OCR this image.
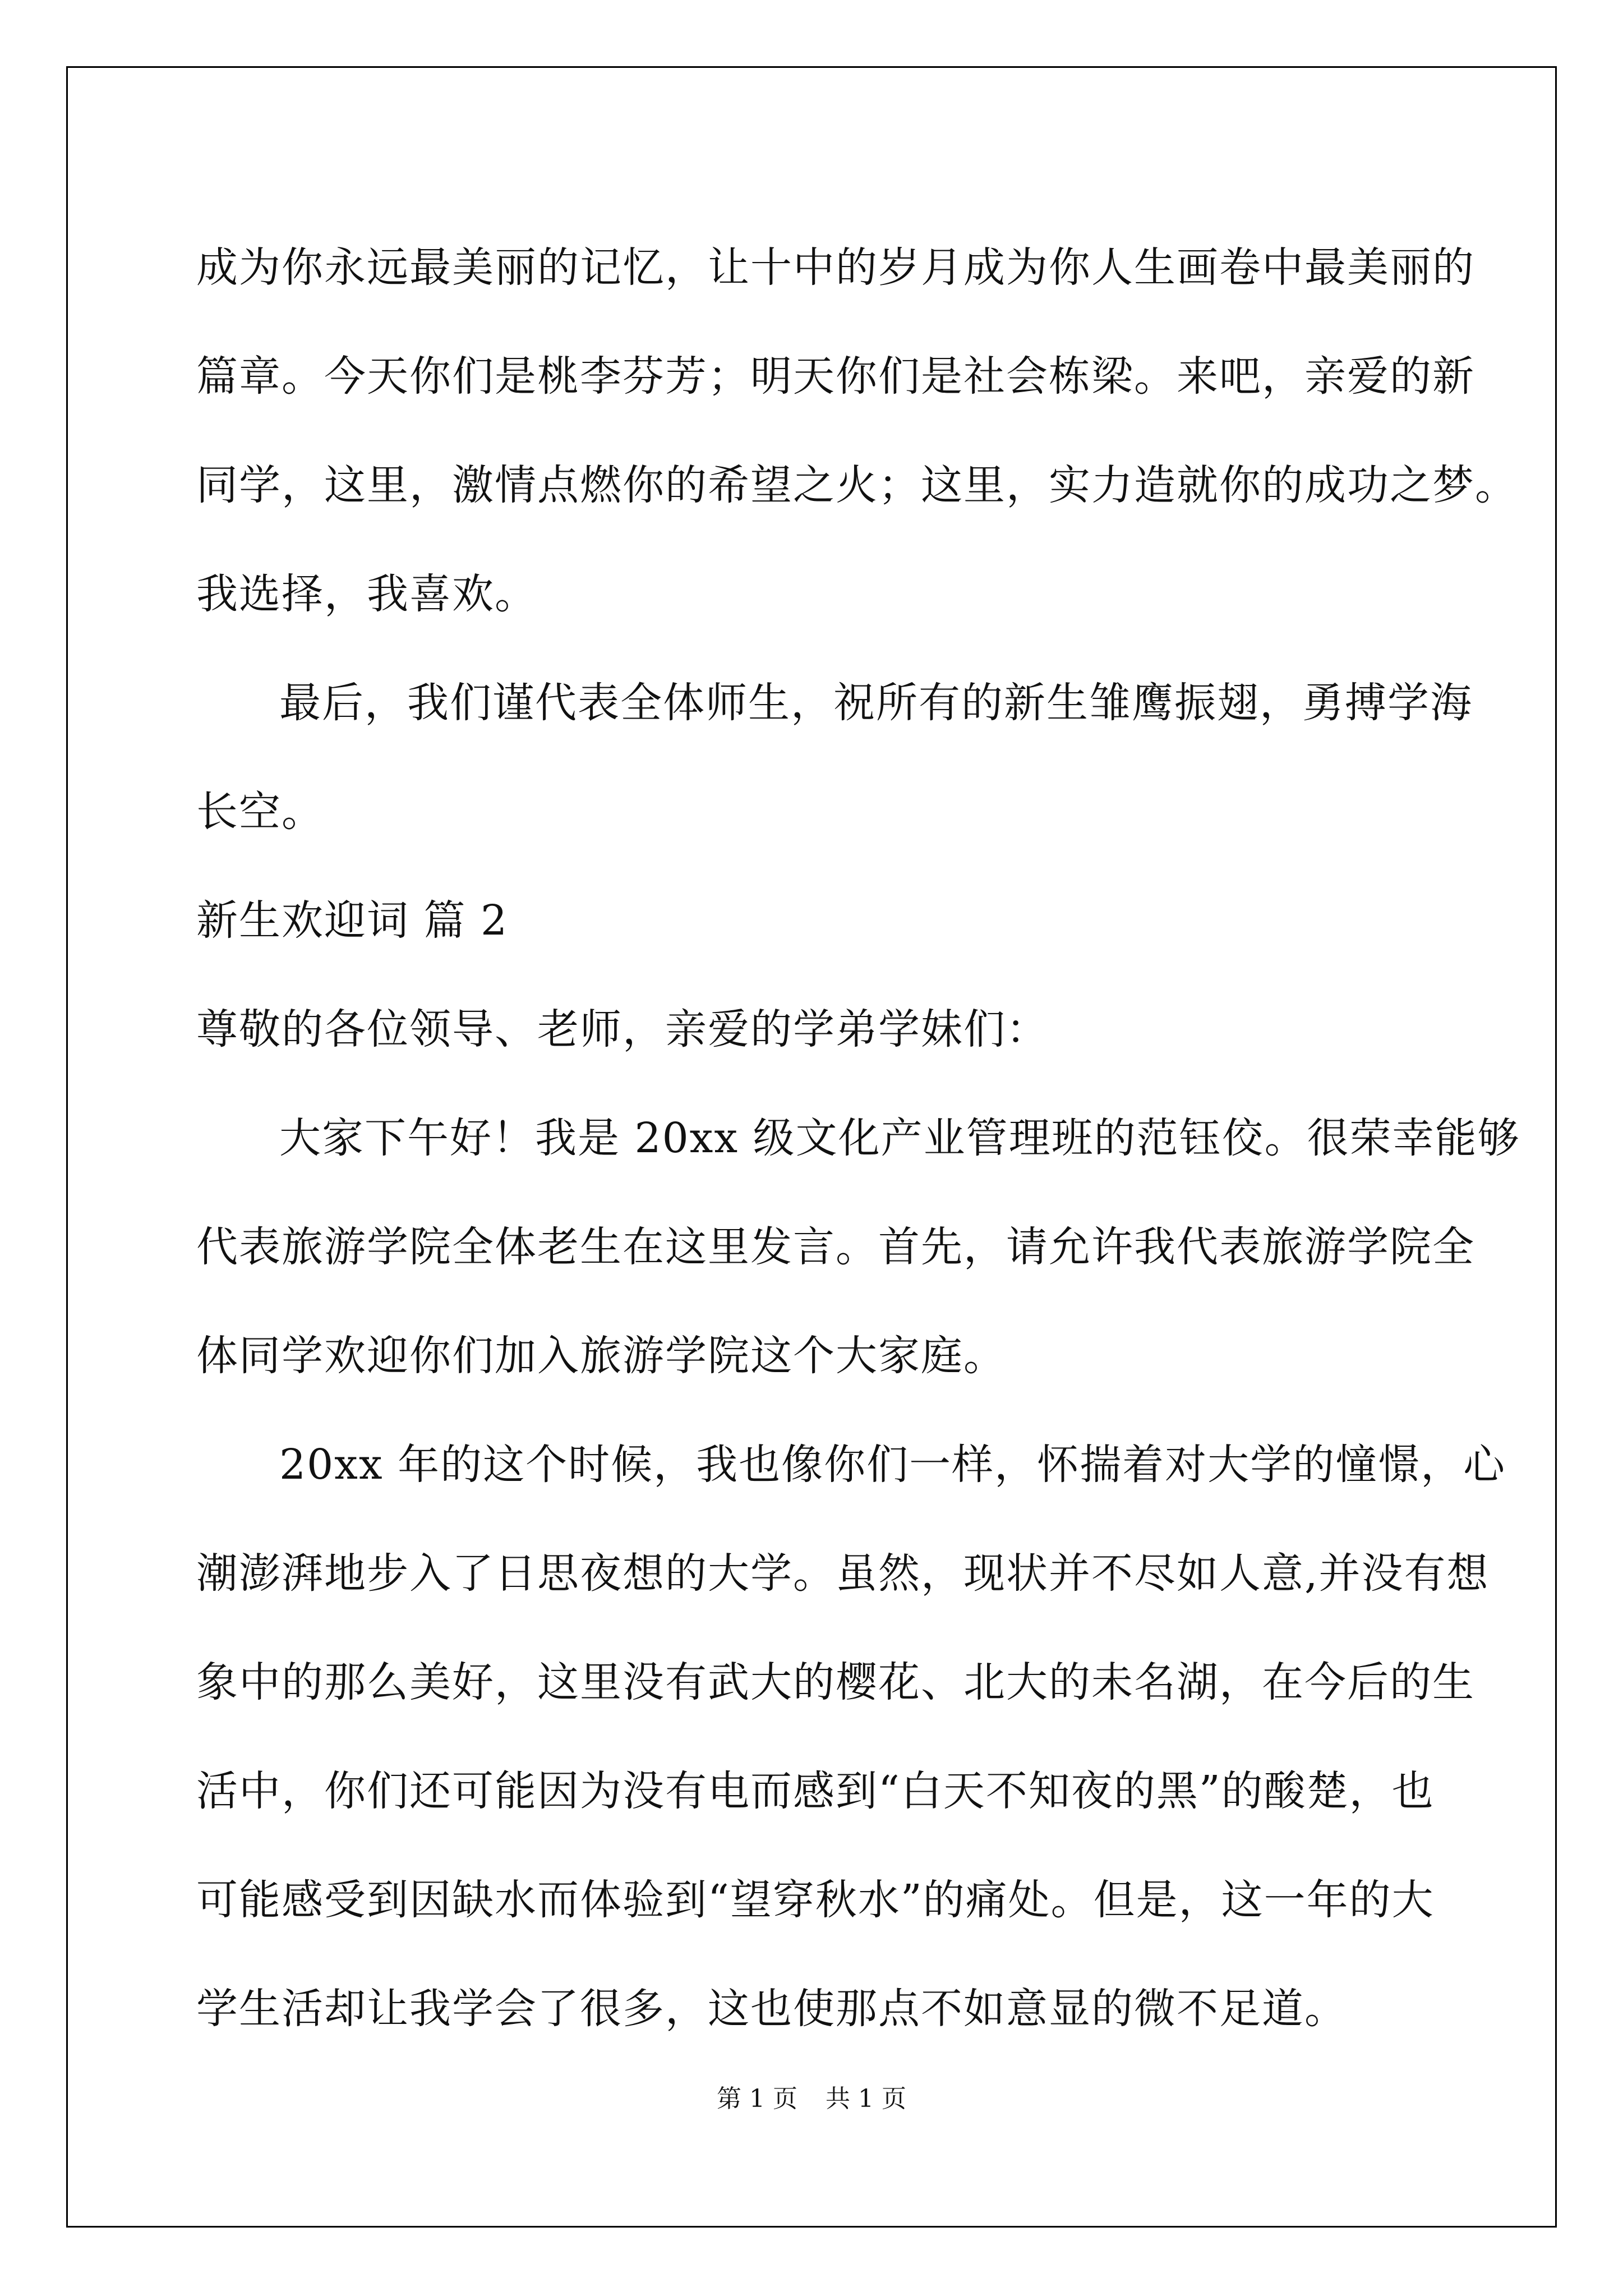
成为你永远最美丽的记忆，让十中的岁月成为你人生画卷中最美丽的

篇章。今天你们是桃李芬芳；明天你们是社会栋梁。来吧，亲爱的新

同学，这里，激情点燃你的希望之火；这里，实力造就你的成功之梦。

我选择，我喜欢。

最后，我们谨代表全体师生，祝所有的新生雏鹰振翅，勇搏学海

长空。

新生欢迎词 篇 2

尊敬的各位领导、老师，亲爱的学弟学妹们：

大家下午好！我是 20xx 级文化产业管理班的范钰佼。很荣幸能够

代表旅游学院全体老生在这里发言。首先，请允许我代表旅游学院全

体同学欢迎你们加入旅游学院这个大家庭。

20xx 年的这个时候，我也像你们一样，怀揣着对大学的憧憬，心

潮澎湃地步入了日思夜想的大学。虽然，现状并不尽如人意,并没有想

象中的那么美好，这里没有武大的樱花、北大的未名湖，在今后的生

活中，你们还可能因为没有电而感到“白天不知夜的黑”的酸楚，也

可能感受到因缺水而体验到“望穿秋水”的痛处。但是，这一年的大

学生活却让我学会了很多，这也使那点不如意显的微不足道。

第 1 页 共 1 页
